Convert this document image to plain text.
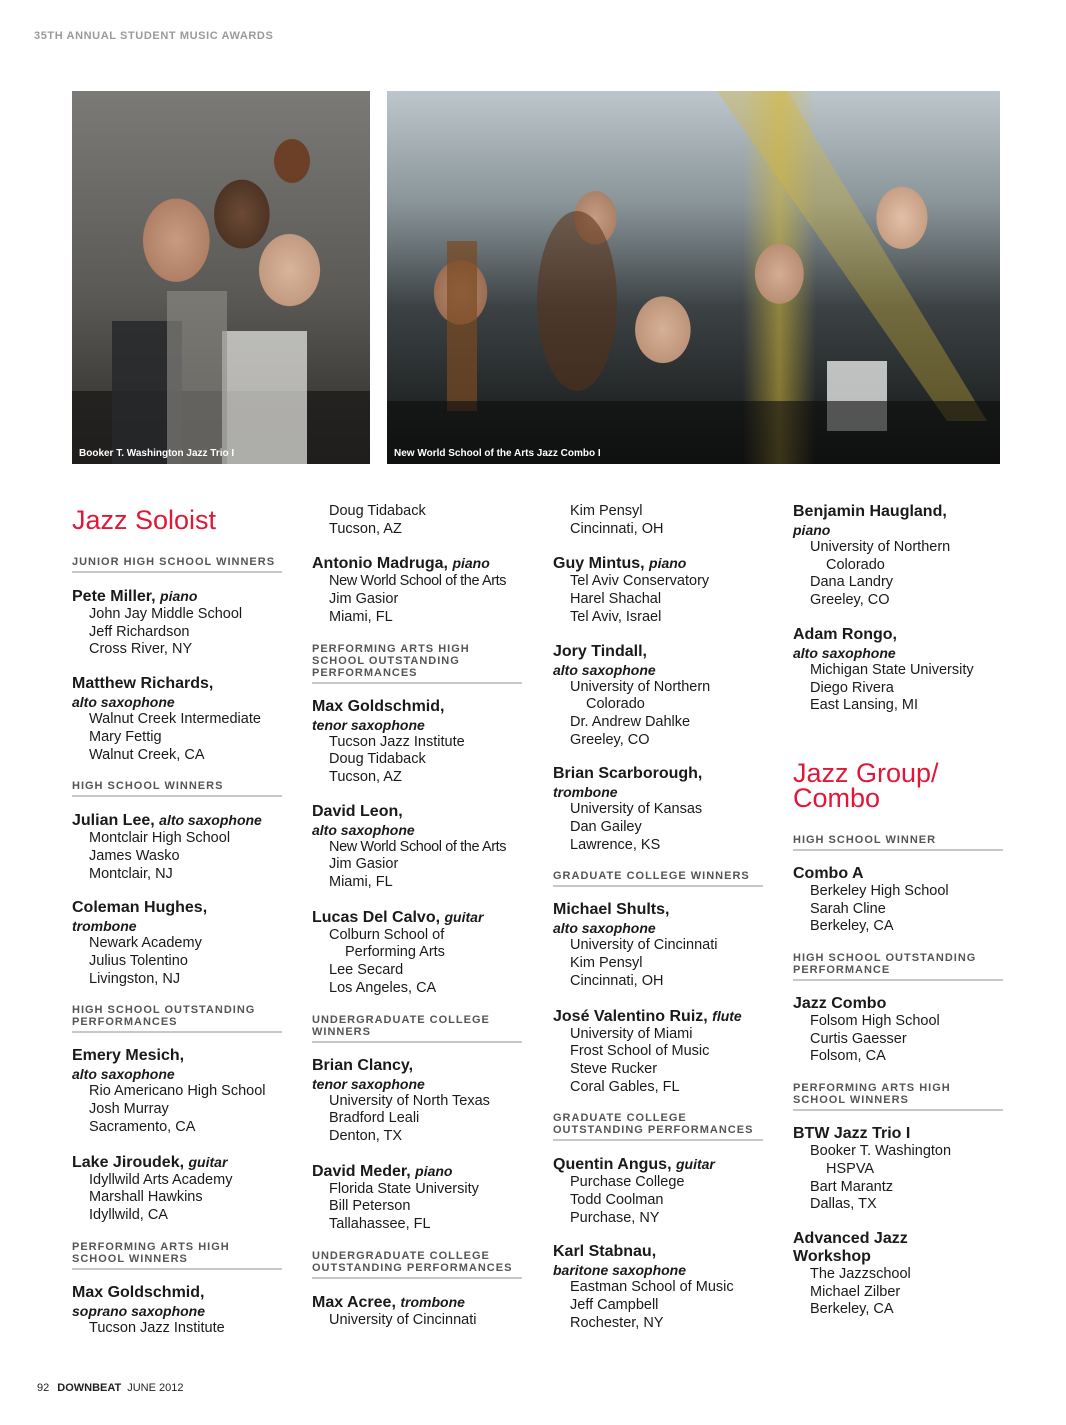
35TH ANNUAL STUDENT MUSIC AWARDS
Booker T. Washington Jazz Trio I	New World School of the Arts Jazz Combo I
Jazz Soloist
JUNIOR HIGH SCHOOL WINNERS
Pete Miller, piano
John Jay Middle School
Jeff Richardson
Cross River, NY
Matthew Richards,
alto saxophone
Walnut Creek Intermediate
Mary Fettig
Walnut Creek, CA
HIGH SCHOOL WINNERS
Julian Lee, alto saxophone
Montclair High School
James Wasko
Montclair, NJ
Coleman Hughes,
trombone
Newark Academy
Julius Tolentino
Livingston, NJ
HIGH SCHOOL OUTSTANDING PERFORMANCES
Emery Mesich,
alto saxophone
Rio Americano High School
Josh Murray
Sacramento, CA
Lake Jiroudek, guitar
Idyllwild Arts Academy
Marshall Hawkins
Idyllwild, CA
PERFORMING ARTS HIGH SCHOOL WINNERS
Max Goldschmid,
soprano saxophone
Tucson Jazz Institute
Doug Tidaback
Tucson, AZ
Antonio Madruga, piano
New World School of the Arts
Jim Gasior
Miami, FL
PERFORMING ARTS HIGH SCHOOL OUTSTANDING PERFORMANCES
Max Goldschmid,
tenor saxophone
Tucson Jazz Institute
Doug Tidaback
Tucson, AZ
David Leon,
alto saxophone
New World School of the Arts
Jim Gasior
Miami, FL
Lucas Del Calvo, guitar
Colburn School of
Performing Arts
Lee Secard
Los Angeles, CA
UNDERGRADUATE COLLEGE WINNERS
Brian Clancy,
tenor saxophone
University of North Texas
Bradford Leali
Denton, TX
David Meder, piano
Florida State University
Bill Peterson
Tallahassee, FL
UNDERGRADUATE COLLEGE OUTSTANDING PERFORMANCES
Max Acree, trombone
University of Cincinnati
Kim Pensyl
Cincinnati, OH
Guy Mintus, piano
Tel Aviv Conservatory
Harel Shachal
Tel Aviv, Israel
Jory Tindall,
alto saxophone
University of Northern
Colorado
Dr. Andrew Dahlke
Greeley, CO
Brian Scarborough,
trombone
University of Kansas
Dan Gailey
Lawrence, KS
GRADUATE COLLEGE WINNERS
Michael Shults,
alto saxophone
University of Cincinnati
Kim Pensyl
Cincinnati, OH
José Valentino Ruiz, flute
University of Miami
Frost School of Music
Steve Rucker
Coral Gables, FL
GRADUATE COLLEGE OUTSTANDING PERFORMANCES
Quentin Angus, guitar
Purchase College
Todd Coolman
Purchase, NY
Karl Stabnau,
baritone saxophone
Eastman School of Music
Jeff Campbell
Rochester, NY
Benjamin Haugland,
piano
University of Northern
Colorado
Dana Landry
Greeley, CO
Adam Rongo,
alto saxophone
Michigan State University
Diego Rivera
East Lansing, MI
Jazz Group/
Combo
HIGH SCHOOL WINNER
Combo A
Berkeley High School
Sarah Cline
Berkeley, CA
HIGH SCHOOL OUTSTANDING PERFORMANCE
Jazz Combo
Folsom High School
Curtis Gaesser
Folsom, CA
PERFORMING ARTS HIGH SCHOOL WINNERS
BTW Jazz Trio I
Booker T. Washington
HSPVA
Bart Marantz
Dallas, TX
Advanced Jazz Workshop
The Jazzschool
Michael Zilber
Berkeley, CA
92 DOWNBEAT JUNE 2012
